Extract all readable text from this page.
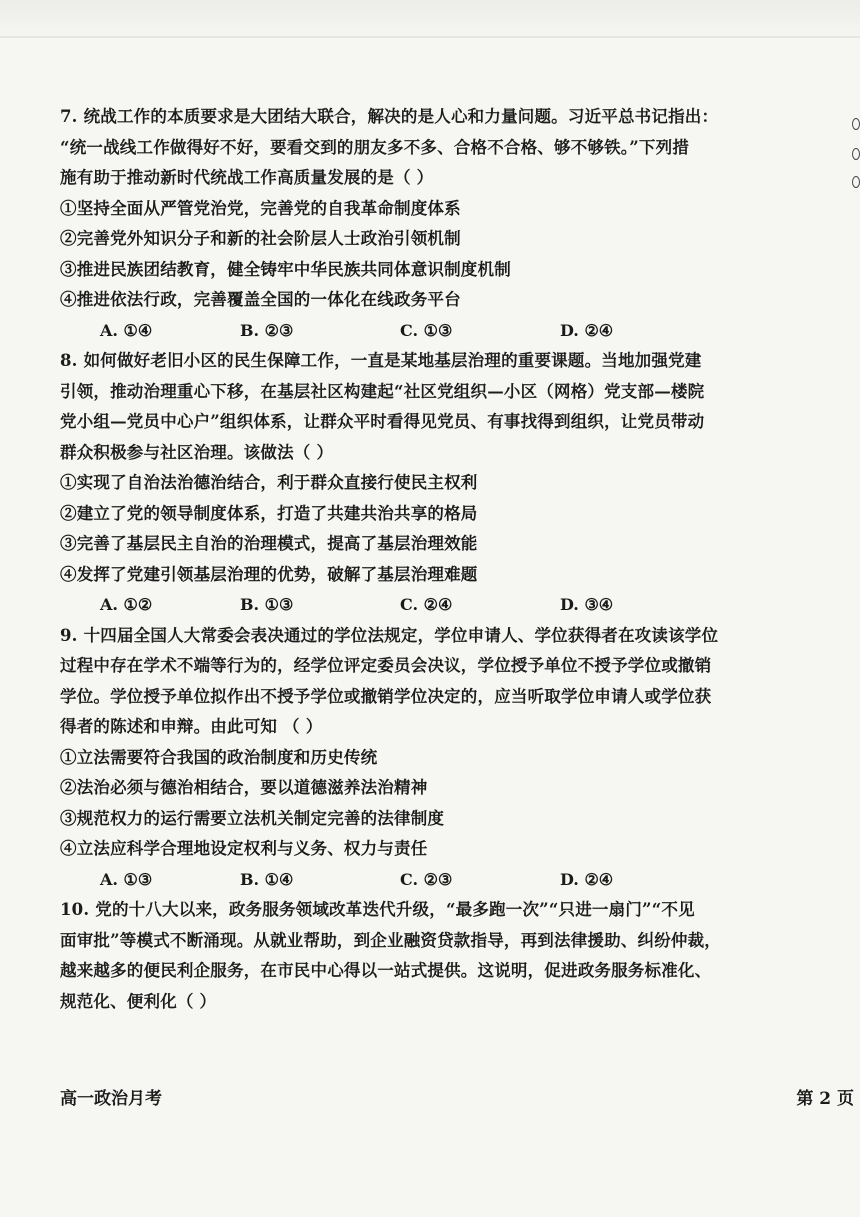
7. 统战工作的本质要求是大团结大联合，解决的是人心和力量问题。习近平总书记指出：
“统一战线工作做得好不好，要看交到的朋友多不多、合格不合格、够不够铁。”下列措
施有助于推动新时代统战工作高质量发展的是（ ）
①坚持全面从严管党治党，完善党的自我革命制度体系
②完善党外知识分子和新的社会阶层人士政治引领机制
③推进民族团结教育，健全铸牢中华民族共同体意识制度机制
④推进依法行政，完善覆盖全国的一体化在线政务平台
A. ①④	B. ②③	C. ①③	D. ②④
8. 如何做好老旧小区的民生保障工作，一直是某地基层治理的重要课题。当地加强党建
引领，推动治理重心下移，在基层社区构建起“社区党组织—小区（网格）党支部—楼院
党小组—党员中心户”组织体系，让群众平时看得见党员、有事找得到组织，让党员带动
群众积极参与社区治理。该做法（ ）
①实现了自治法治德治结合，利于群众直接行使民主权利
②建立了党的领导制度体系，打造了共建共治共享的格局
③完善了基层民主自治的治理模式，提高了基层治理效能
④发挥了党建引领基层治理的优势，破解了基层治理难题
A. ①②	B. ①③	C. ②④	D. ③④
9. 十四届全国人大常委会表决通过的学位法规定，学位申请人、学位获得者在攻读该学位
过程中存在学术不端等行为的，经学位评定委员会决议，学位授予单位不授予学位或撤销
学位。学位授予单位拟作出不授予学位或撤销学位决定的，应当听取学位申请人或学位获
得者的陈述和申辩。由此可知 （ ）
①立法需要符合我国的政治制度和历史传统
②法治必须与德治相结合，要以道德滋养法治精神
③规范权力的运行需要立法机关制定完善的法律制度
④立法应科学合理地设定权利与义务、权力与责任
A. ①③	B. ①④	C. ②③	D. ②④
10. 党的十八大以来，政务服务领域改革迭代升级，“最多跑一次”“只进一扇门”“不见
面审批”等模式不断涌现。从就业帮助，到企业融资贷款指导，再到法律援助、纠纷仲裁，
越来越多的便民利企服务，在市民中心得以一站式提供。这说明，促进政务服务标准化、
规范化、便利化（ ）
高一政治月考	第 2 页
